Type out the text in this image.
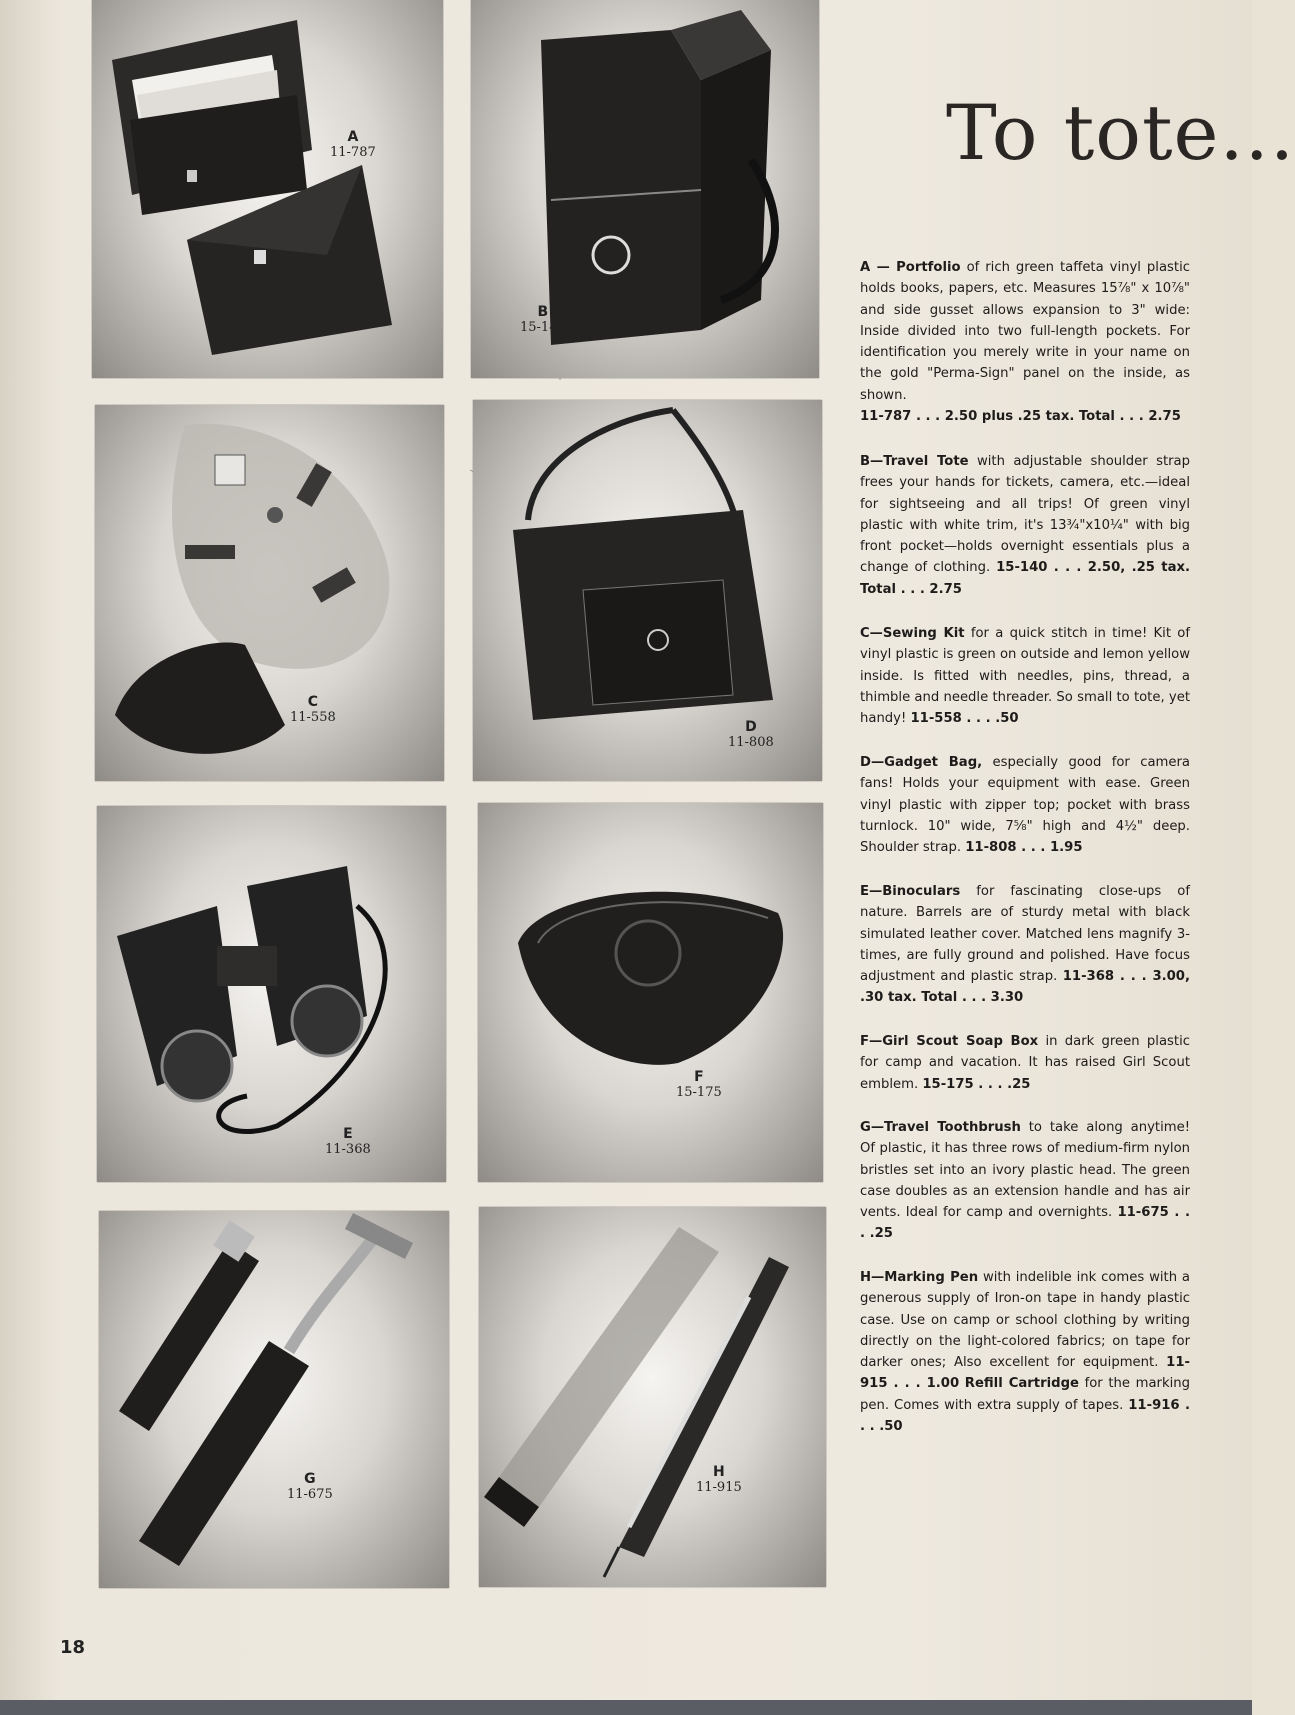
A
11-787
B
15-140
C
11-558
D
11-808
E
11-368
F
15-175
G
11-675
H
11-915
To tote...
A — Portfolio of rich green taffeta vinyl plastic holds books, papers, etc. Measures 15⅞" x 10⅞" and side gusset allows expansion to 3" wide: Inside divided into two full-length pockets. For identification you merely write in your name on the gold "Perma-Sign" panel on the inside, as shown.
11-787 . . . 2.50 plus .25 tax. Total . . . 2.75
B—Travel Tote with adjustable shoulder strap frees your hands for tickets, camera, etc.—ideal for sightseeing and all trips! Of green vinyl plastic with white trim, it's 13¾"x10¼" with big front pocket—holds overnight essentials plus a change of clothing. 15-140 . . . 2.50, .25 tax. Total . . . 2.75
C—Sewing Kit for a quick stitch in time! Kit of vinyl plastic is green on outside and lemon yellow inside. Is fitted with needles, pins, thread, a thimble and needle threader. So small to tote, yet handy! 11-558 . . . .50
D—Gadget Bag, especially good for camera fans! Holds your equipment with ease. Green vinyl plastic with zipper top; pocket with brass turnlock. 10" wide, 7⅝" high and 4½" deep. Shoulder strap. 11-808 . . . 1.95
E—Binoculars for fascinating close-ups of nature. Barrels are of sturdy metal with black simulated leather cover. Matched lens magnify 3-times, are fully ground and polished. Have focus adjustment and plastic strap. 11-368 . . . 3.00, .30 tax. Total . . . 3.30
F—Girl Scout Soap Box in dark green plastic for camp and vacation. It has raised Girl Scout emblem. 15-175 . . . .25
G—Travel Toothbrush to take along anytime! Of plastic, it has three rows of medium-firm nylon bristles set into an ivory plastic head. The green case doubles as an extension handle and has air vents. Ideal for camp and overnights. 11-675 . . . .25
H—Marking Pen with indelible ink comes with a generous supply of Iron-on tape in handy plastic case. Use on camp or school clothing by writing directly on the light-colored fabrics; on tape for darker ones; Also excellent for equipment. 11-915 . . . 1.00 Refill Cartridge for the marking pen. Comes with extra supply of tapes. 11-916 . . . .50
18
